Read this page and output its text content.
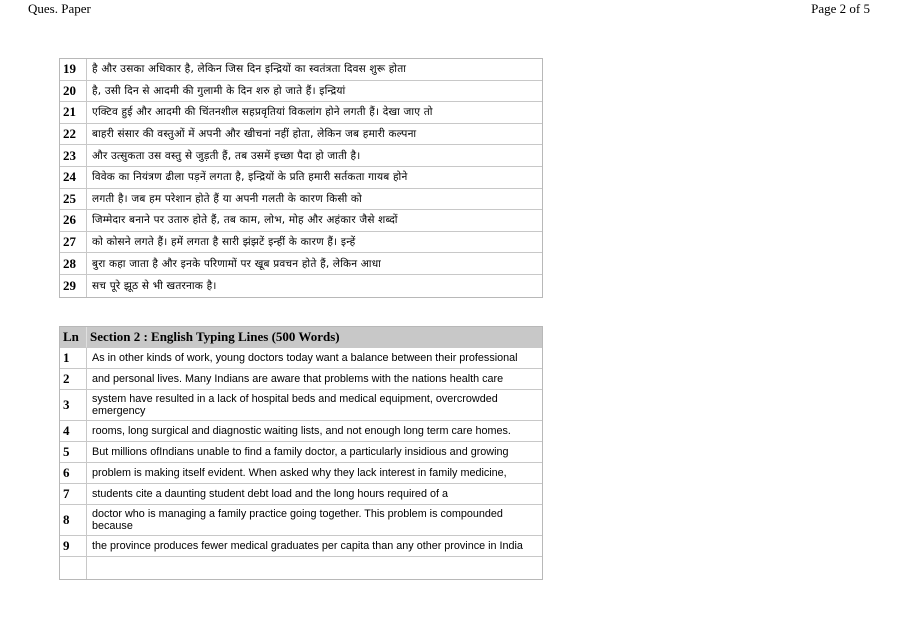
Ques. Paper	Page 2 of 5
19	है और उसका अधिकार है, लेकिन जिस दिन इन्द्रियों का स्वतंत्रता दिवस शुरू होता
20	है, उसी दिन से आदमी की गुलामी के दिन शरु हो जाते हैं। इन्द्रियां
21	एक्टिव हुई और आदमी की चिंतनशील सहप्रवृतियां विकलांग होने लगती हैं। देखा जाए तो
22	बाहरी संसार की वस्तुओं में अपनी और खीचनां नहीं होता, लेकिन जब हमारी कल्पना
23	और उत्सुकता उस वस्तु से जुड़ती हैं, तब उसमें इच्छा पैदा हो जाती है।
24	विवेक का नियंत्रण ढीला पड़नें लगता है, इन्द्रियों के प्रति हमारी सर्तकता गायब होने
25	लगती है। जब हम परेशान होते हैं या अपनी गलती के कारण किसी को
26	जिम्मेदार बनाने पर उतारु होते हैं, तब काम, लोभ, मोह और अहंकार जैसे शब्दों
27	को कोसने लगते हैं। हमें लगता है सारी झंझटें इन्हीं के कारण हैं। इन्हें
28	बुरा कहा जाता है और इनके परिणामों पर खूब प्रवचन होते हैं, लेकिन आधा
29	सच पूरे झूठ से भी खतरनाक है।
Ln	Section 2 : English Typing Lines (500 Words)
1	As in other kinds of work, young doctors today want a balance between their professional
2	and personal lives. Many Indians are aware that problems with the nations health care
3	system have resulted in a lack of hospital beds and medical equipment, overcrowded emergency
4	rooms, long surgical and diagnostic waiting lists, and not enough long term care homes.
5	But millions ofIndians unable to find a family doctor, a particularly insidious and growing
6	problem is making itself evident. When asked why they lack interest in family medicine,
7	students cite a daunting student debt load and the long hours required of a
8	doctor who is managing a family practice going together. This problem is compounded because
9	the province produces fewer medical graduates per capita than any other province in India
